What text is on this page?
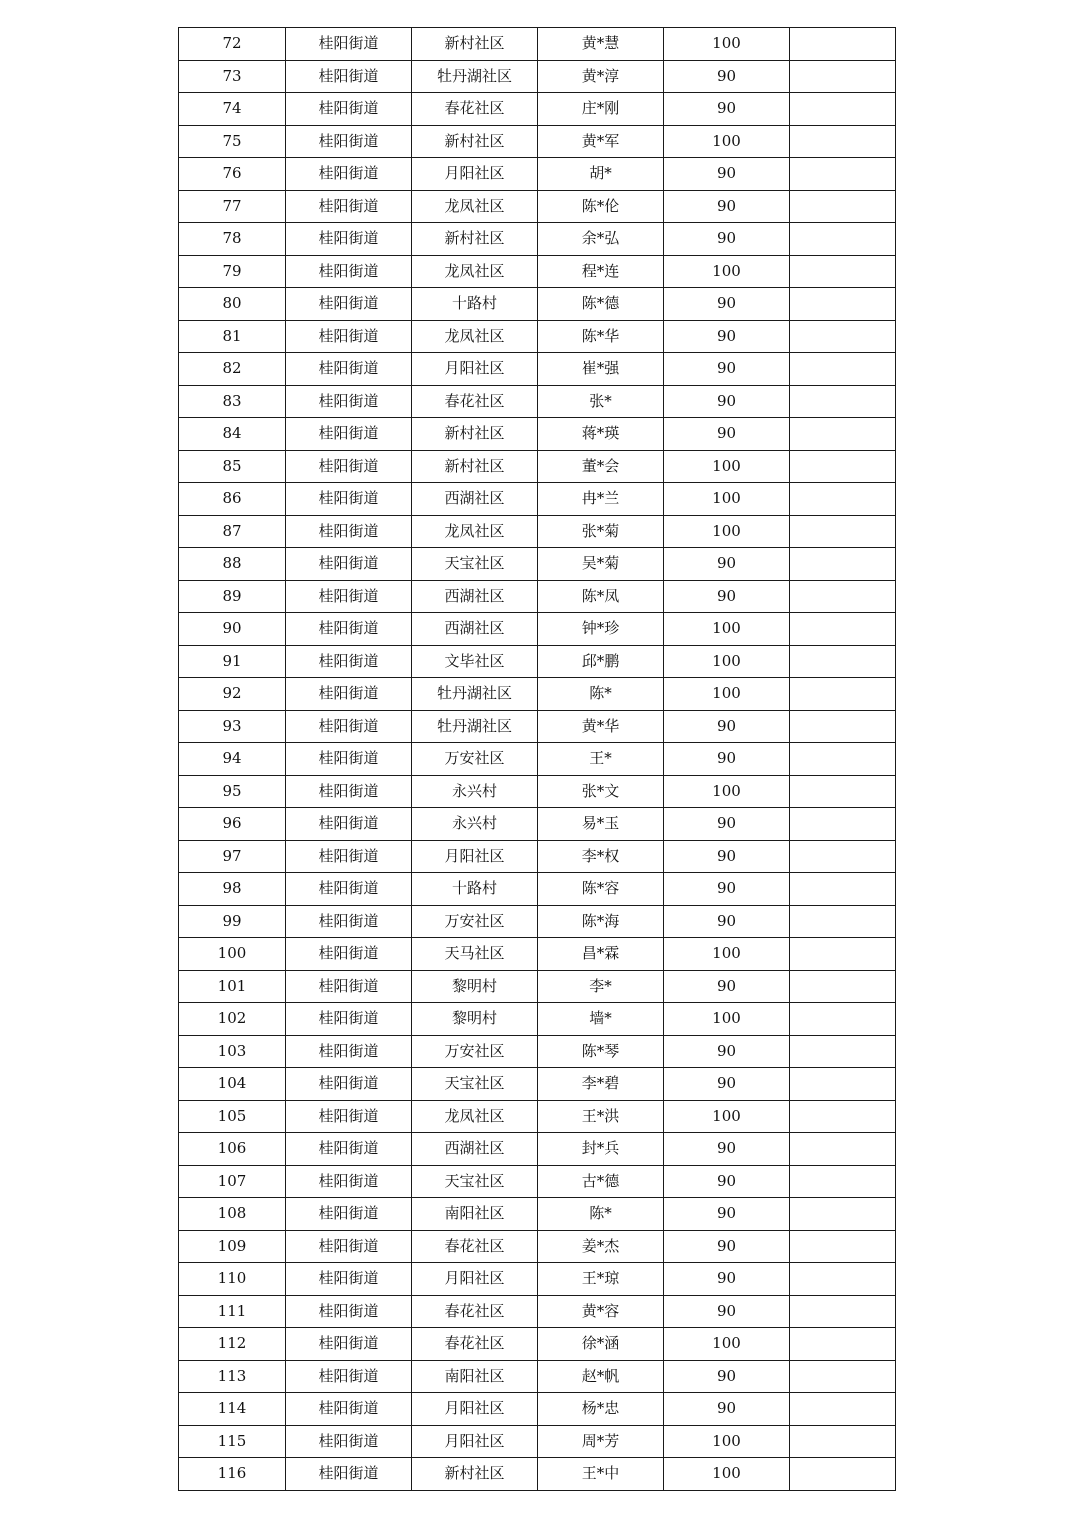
72	桂阳街道	新村社区	黄*慧	100	
73	桂阳街道	牡丹湖社区	黄*淳	90	
74	桂阳街道	春花社区	庄*刚	90	
75	桂阳街道	新村社区	黄*军	100	
76	桂阳街道	月阳社区	胡*	90	
77	桂阳街道	龙凤社区	陈*伦	90	
78	桂阳街道	新村社区	余*弘	90	
79	桂阳街道	龙凤社区	程*连	100	
80	桂阳街道	十路村	陈*德	90	
81	桂阳街道	龙凤社区	陈*华	90	
82	桂阳街道	月阳社区	崔*强	90	
83	桂阳街道	春花社区	张*	90	
84	桂阳街道	新村社区	蒋*瑛	90	
85	桂阳街道	新村社区	董*会	100	
86	桂阳街道	西湖社区	冉*兰	100	
87	桂阳街道	龙凤社区	张*菊	100	
88	桂阳街道	天宝社区	吴*菊	90	
89	桂阳街道	西湖社区	陈*凤	90	
90	桂阳街道	西湖社区	钟*珍	100	
91	桂阳街道	文毕社区	邱*鹏	100	
92	桂阳街道	牡丹湖社区	陈*	100	
93	桂阳街道	牡丹湖社区	黄*华	90	
94	桂阳街道	万安社区	王*	90	
95	桂阳街道	永兴村	张*文	100	
96	桂阳街道	永兴村	易*玉	90	
97	桂阳街道	月阳社区	李*权	90	
98	桂阳街道	十路村	陈*容	90	
99	桂阳街道	万安社区	陈*海	90	
100	桂阳街道	天马社区	昌*霖	100	
101	桂阳街道	黎明村	李*	90	
102	桂阳街道	黎明村	墙*	100	
103	桂阳街道	万安社区	陈*琴	90	
104	桂阳街道	天宝社区	李*碧	90	
105	桂阳街道	龙凤社区	王*洪	100	
106	桂阳街道	西湖社区	封*兵	90	
107	桂阳街道	天宝社区	古*德	90	
108	桂阳街道	南阳社区	陈*	90	
109	桂阳街道	春花社区	姜*杰	90	
110	桂阳街道	月阳社区	王*琼	90	
111	桂阳街道	春花社区	黄*容	90	
112	桂阳街道	春花社区	徐*涵	100	
113	桂阳街道	南阳社区	赵*帆	90	
114	桂阳街道	月阳社区	杨*忠	90	
115	桂阳街道	月阳社区	周*芳	100	
116	桂阳街道	新村社区	王*中	100	
